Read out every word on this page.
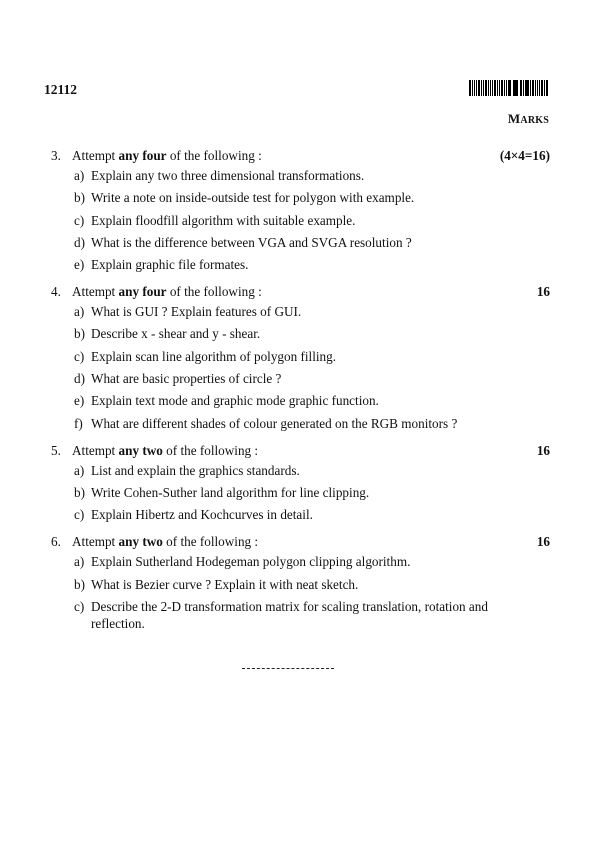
12112
MARKS
3. Attempt any four of the following :	(4×4=16)
a) Explain any two three dimensional transformations.
b) Write a note on inside-outside test for polygon with example.
c) Explain floodfill algorithm with suitable example.
d) What is the difference between VGA and SVGA resolution ?
e) Explain graphic file formates.
4. Attempt any four of the following :	16
a) What is GUI ? Explain features of GUI.
b) Describe x - shear and y - shear.
c) Explain scan line algorithm of polygon filling.
d) What are basic properties of circle ?
e) Explain text mode and graphic mode graphic function.
f) What are different shades of colour generated on the RGB monitors ?
5. Attempt any two of the following :	16
a) List and explain the graphics standards.
b) Write Cohen-Suther land algorithm for line clipping.
c) Explain Hibertz and Kochcurves in detail.
6. Attempt any two of the following :	16
a) Explain Sutherland Hodegeman polygon clipping algorithm.
b) What is Bezier curve ? Explain it with neat sketch.
c) Describe the 2-D transformation matrix for scaling translation, rotation and reflection.
